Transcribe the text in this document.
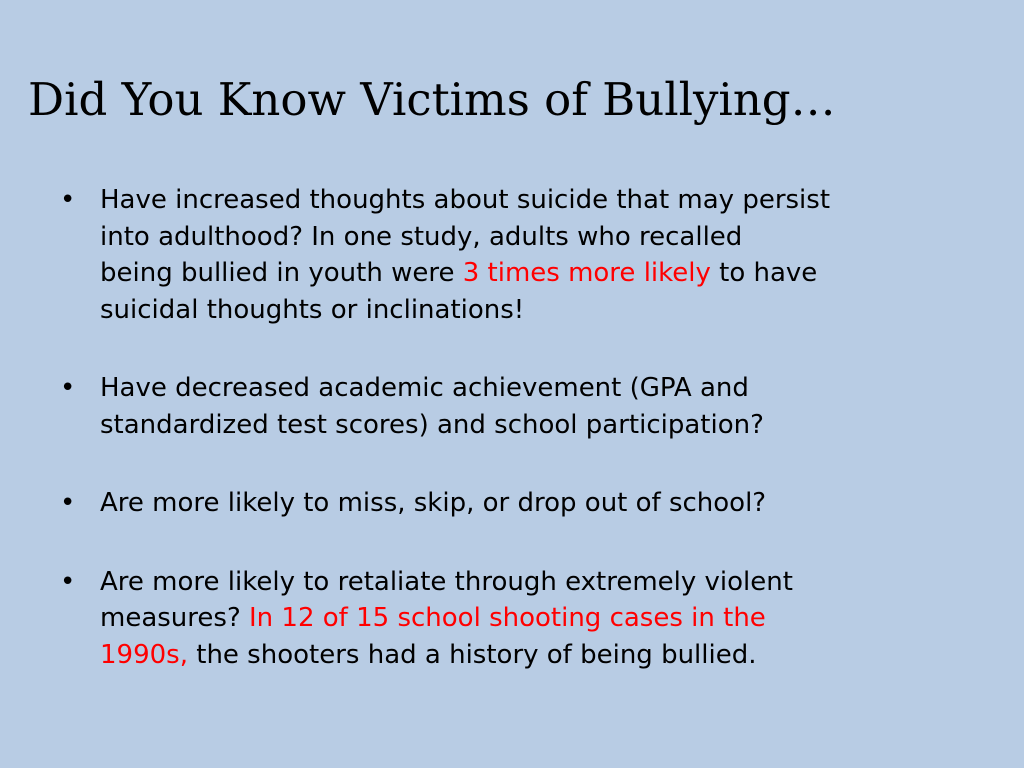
Did You Know Victims of Bullying…
• Have increased thoughts about suicide that may persist
into adulthood? In one study, adults who recalled
being bullied in youth were 3 times more likely to have
suicidal thoughts or inclinations!
• Have decreased academic achievement (GPA and
standardized test scores) and school participation?
• Are more likely to miss, skip, or drop out of school?
• Are more likely to retaliate through extremely violent
measures? In 12 of 15 school shooting cases in the
1990s, the shooters had a history of being bullied.
